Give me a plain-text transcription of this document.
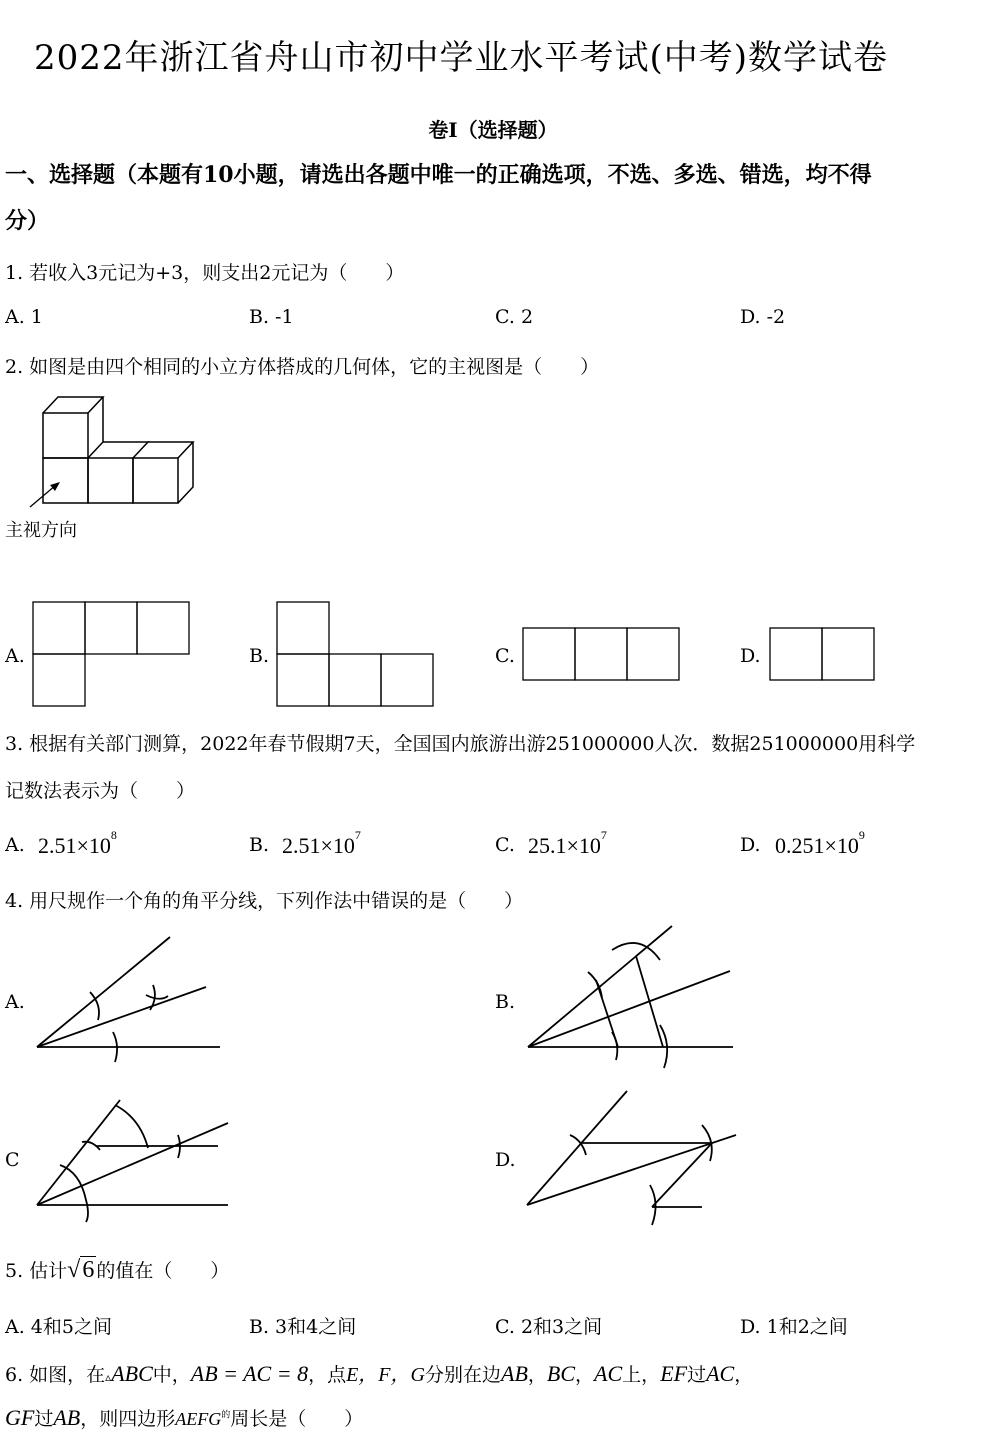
2022年浙江省舟山市初中学业水平考试(中考)数学试卷
卷Ⅰ（选择题）
一、选择题（本题有10小题，请选出各题中唯一的正确选项，不选、多选、错选，均不得
分）
1. 若收入3元记为+3，则支出2元记为（　　）
A. 1	B. -1	C. 2	D. -2
2. 如图是由四个相同的小立方体搭成的几何体，它的主视图是（　　）
主视方向
A.	B.	C.	D.
3. 根据有关部门测算，2022年春节假期7天，全国国内旅游出游251000000人次．数据251000000用科学
记数法表示为（　　）
A. $2.51\times 10^8$	B. $2.51\times 10^7$	C. $25.1\times 10^7$	D. $0.251\times 10^9$
4. 用尺规作一个角的角平分线，下列作法中错误的是（　　）
A.	B.
C	D.
5. 估计√6 的值在（　　）
A. 4和5之间	B. 3和4之间	C. 2和3之间	D. 1和2之间
6. 如图，在▵ABC中，AB = AC = 8，点E，F，G分别在边AB，BC，AC上，EF过AC，
GF过AB，则四边形$AEFG^的$周长是（　　）
